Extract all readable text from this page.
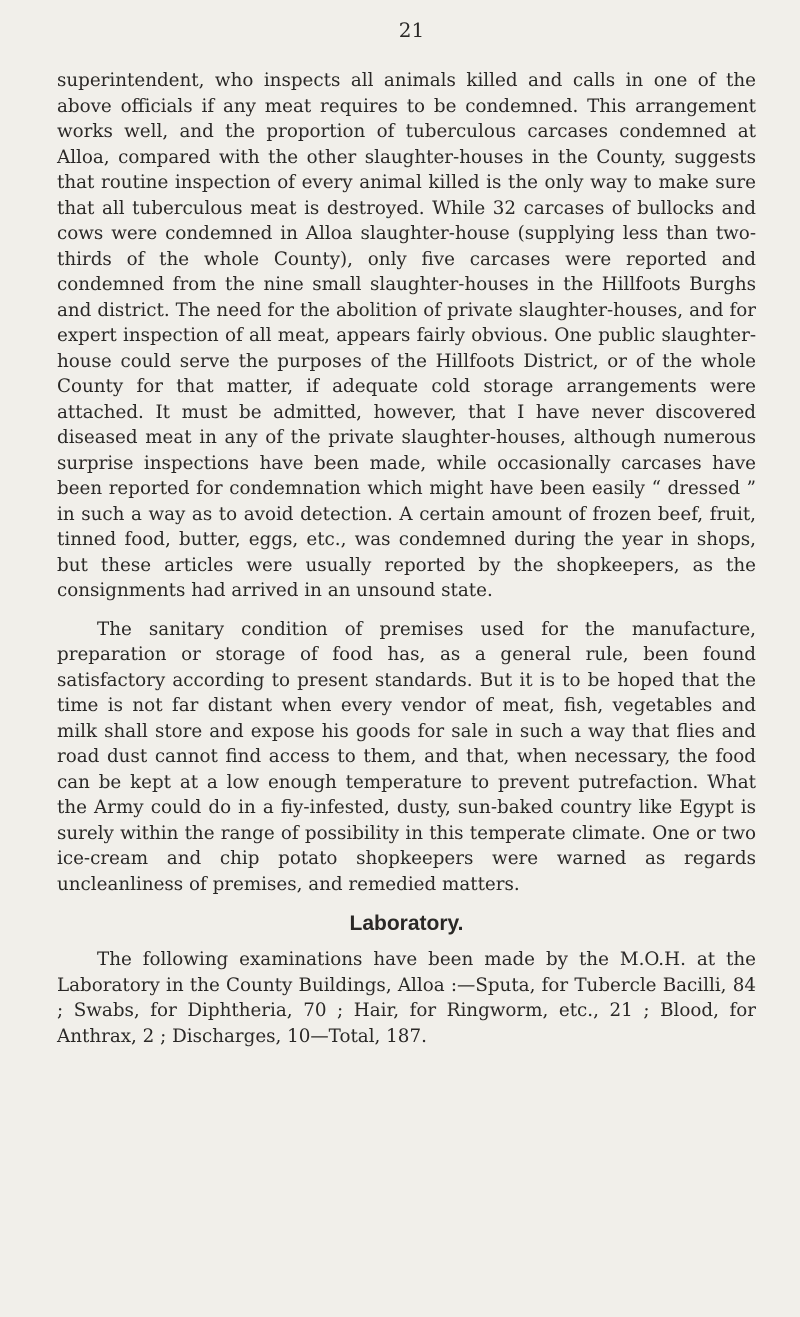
21

superintendent, who inspects all animals killed and calls in one of the above officials if any meat requires to be condemned. This arrangement works well, and the proportion of tuberculous carcases condemned at Alloa, compared with the other slaughter-houses in the County, suggests that routine inspection of every animal killed is the only way to make sure that all tuberculous meat is destroyed. While 32 carcases of bullocks and cows were condemned in Alloa slaughter-house (supplying less than two-thirds of the whole County), only five carcases were reported and condemned from the nine small slaughter-houses in the Hillfoots Burghs and district. The need for the abolition of private slaughter-houses, and for expert inspection of all meat, appears fairly obvious. One public slaughter-house could serve the purposes of the Hillfoots District, or of the whole County for that matter, if adequate cold storage arrangements were attached. It must be admitted, however, that I have never discovered diseased meat in any of the private slaughter-houses, although numerous surprise inspections have been made, while occasionally carcases have been reported for condemnation which might have been easily “ dressed ” in such a way as to avoid detection. A certain amount of frozen beef, fruit, tinned food, butter, eggs, etc., was condemned during the year in shops, but these articles were usually reported by the shopkeepers, as the consignments had arrived in an unsound state.

The sanitary condition of premises used for the manufacture, preparation or storage of food has, as a general rule, been found satisfactory according to present standards. But it is to be hoped that the time is not far distant when every vendor of meat, fish, vegetables and milk shall store and expose his goods for sale in such a way that flies and road dust cannot find access to them, and that, when necessary, the food can be kept at a low enough temperature to prevent putrefaction. What the Army could do in a fiy-infested, dusty, sun-baked country like Egypt is surely within the range of possibility in this temperate climate. One or two ice-cream and chip potato shopkeepers were warned as regards uncleanliness of premises, and remedied matters.

Laboratory.

The following examinations have been made by the M.O.H. at the Laboratory in the County Buildings, Alloa :—Sputa, for Tubercle Bacilli, 84 ; Swabs, for Diphtheria, 70 ; Hair, for Ringworm, etc., 21 ; Blood, for Anthrax, 2 ; Discharges, 10—Total, 187.
